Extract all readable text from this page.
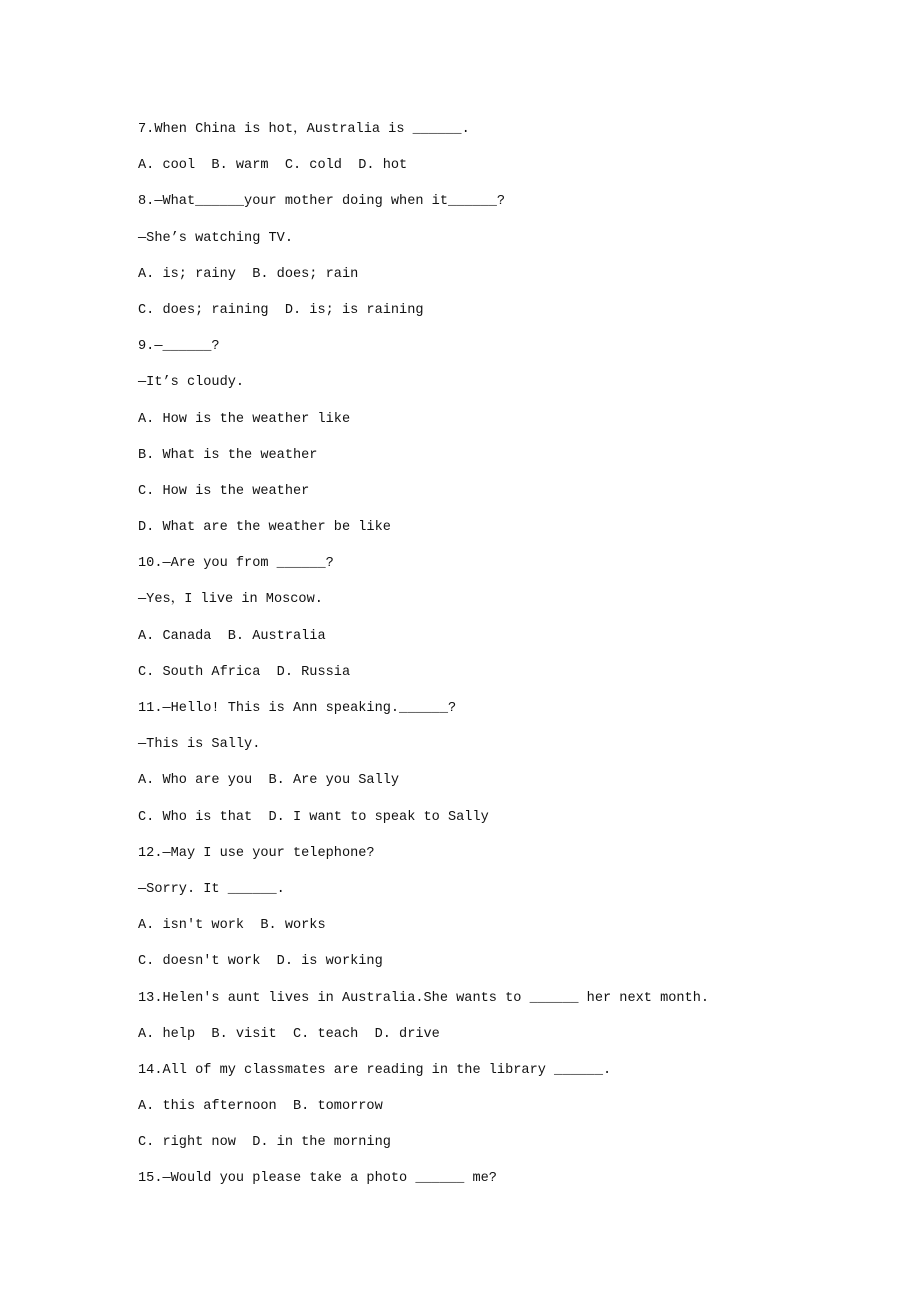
7.When China is hot，Australia is ______.
A. cool  B. warm  C. cold  D. hot
8.—What______your mother doing when it______?
—She’s watching TV.
A. is; rainy  B. does; rain
C. does; raining  D. is; is raining
9.—______?
—It’s cloudy.
A. How is the weather like
B. What is the weather
C. How is the weather
D. What are the weather be like
10.—Are you from ______?
—Yes，I live in Moscow.
A. Canada  B. Australia
C. South Africa  D. Russia
11.—Hello! This is Ann speaking.______?
—This is Sally.
A. Who are you  B. Are you Sally
C. Who is that  D. I want to speak to Sally
12.—May I use your telephone?
—Sorry. It ______.
A. isn't work  B. works
C. doesn't work  D. is working
13.Helen's aunt lives in Australia.She wants to ______ her next month.
A. help  B. visit  C. teach  D. drive
14.All of my classmates are reading in the library ______.
A. this afternoon  B. tomorrow
C. right now  D. in the morning
15.—Would you please take a photo ______ me?
